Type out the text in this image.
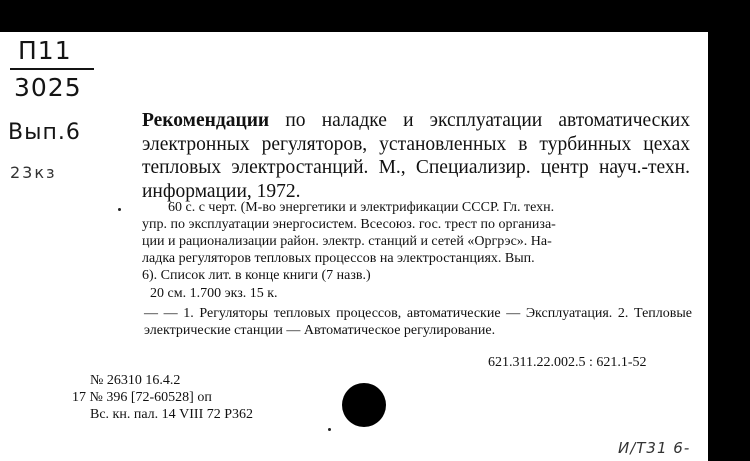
П11
3025
Вып.6
23кз
И/Т31 6-
Рекомендации по наладке и эксплуатации автоматических электронных регуляторов, установленных в турбинных цехах тепловых электростанций. М., Специализир. центр науч.-техн. информации, 1972.
60 с. с черт. (М-во энергетики и электрификации СССР. Гл. техн.
упр. по эксплуатации энергосистем. Всесоюз. гос. трест по организа-
ции и рационализации район. электр. станций и сетей «Оргрэс». На-
ладка регуляторов тепловых процессов на электростанциях. Вып.
6). Список лит. в конце книги (7 назв.)
20 см. 1.700 экз. 15 к.
— — 1. Регуляторы тепловых процессов, автоматические — Эксплуатация. 2. Тепловые электрические станции — Автоматическое регулирование.
621.311.22.002.5 : 621.1-52
№ 26310 16.4.2
17 № 396 [72-60528] оп
Вс. кн. пал. 14 VIII 72 Р362
